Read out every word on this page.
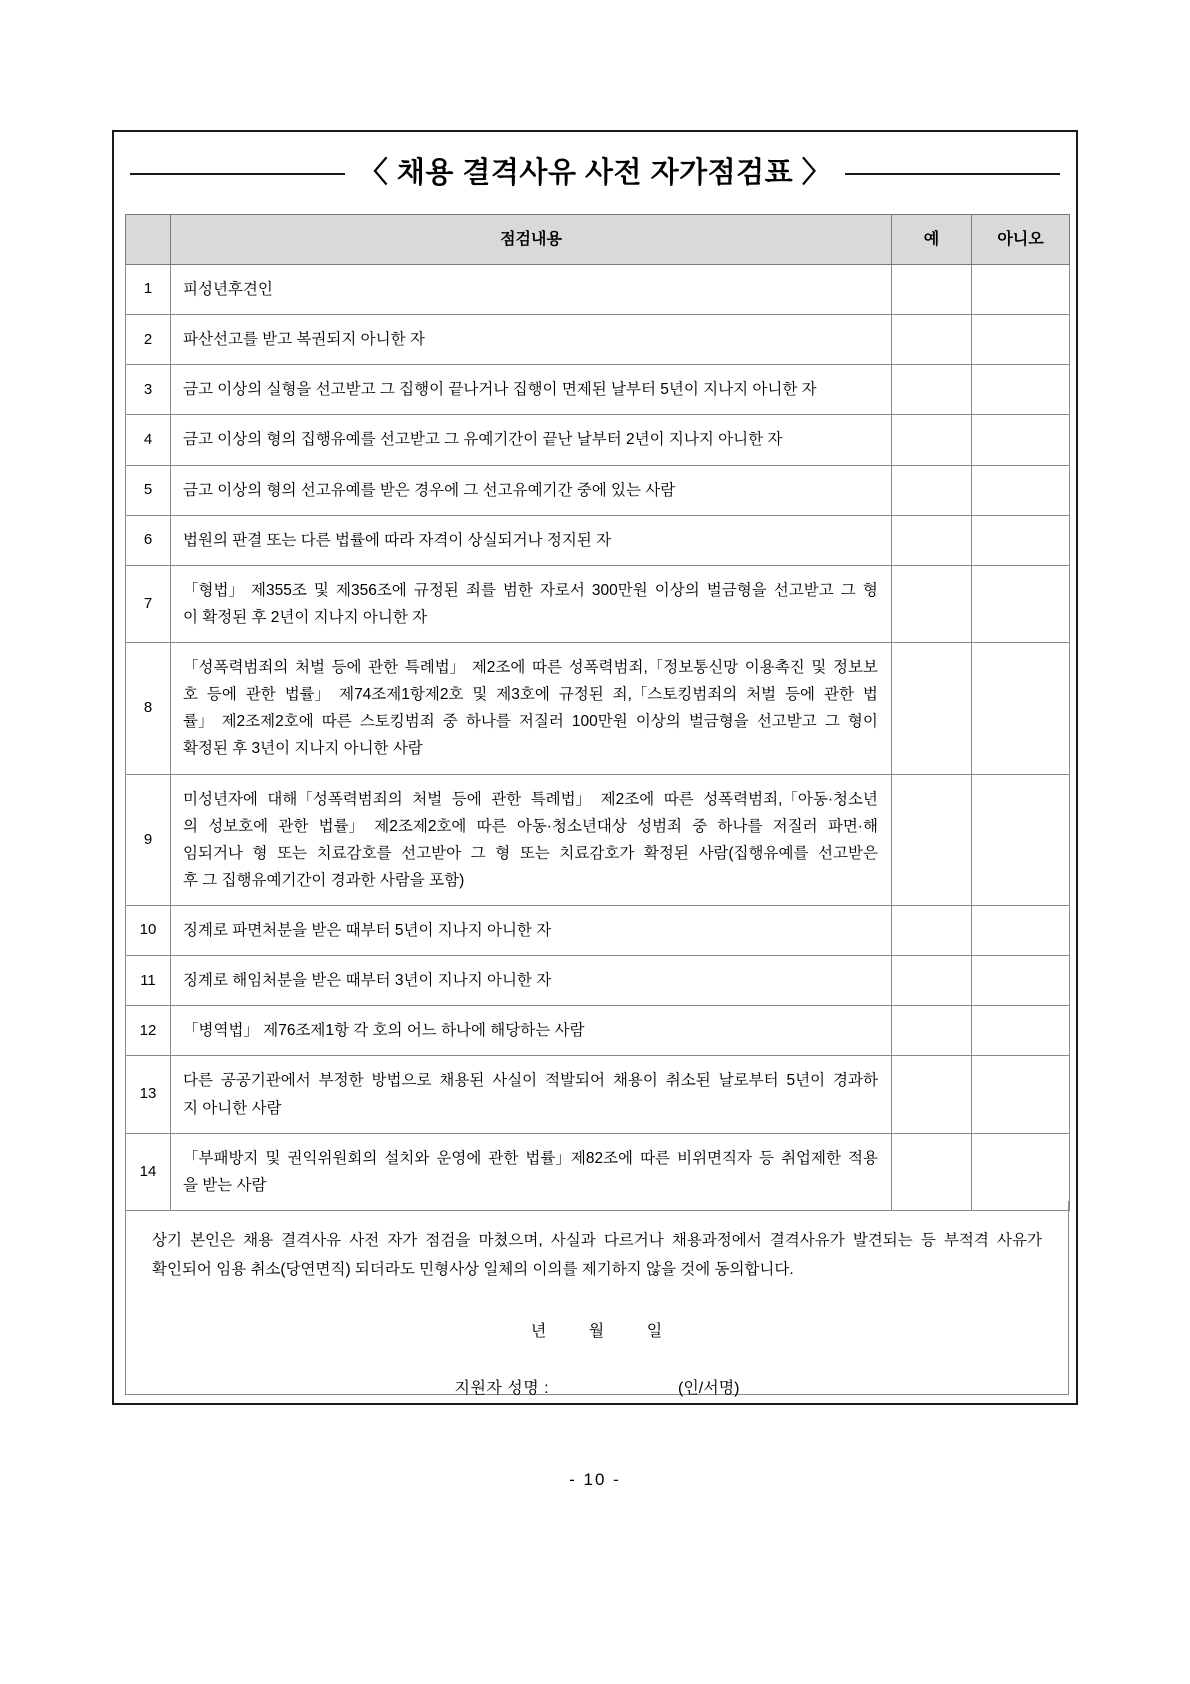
〈 채용 결격사유 사전 자가점검표 〉
	점검내용	예	아니오
1	피성년후견인		

2	파산선고를 받고 복권되지 아니한 자		

3	금고 이상의 실형을 선고받고 그 집행이 끝나거나 집행이 면제된 날부터 5년이 지나지 아니한 자		

4	금고 이상의 형의 집행유예를 선고받고 그 유예기간이 끝난 날부터 2년이 지나지 아니한 자		

5	금고 이상의 형의 선고유예를 받은 경우에 그 선고유예기간 중에 있는 사람		

6	법원의 판결 또는 다른 법률에 따라 자격이 상실되거나 정지된 자		

7	
「형법」 제355조 및 제356조에 규정된 죄를 범한 자로서 300만원 이상의 벌금형을 선고받고 그 형
이 확정된 후 2년이 지나지 아니한 자

8	
「성폭력범죄의 처벌 등에 관한 특례법」 제2조에 따른 성폭력범죄,「정보통신망 이용촉진 및 정보보
호 등에 관한 법률」 제74조제1항제2호 및 제3호에 규정된 죄,「스토킹범죄의 처벌 등에 관한 법
률」 제2조제2호에 따른 스토킹범죄 중 하나를 저질러 100만원 이상의 벌금형을 선고받고 그 형이
확정된 후 3년이 지나지 아니한 사람

9	
미성년자에 대해「성폭력범죄의 처벌 등에 관한 특례법」 제2조에 따른 성폭력범죄,「아동·청소년
의 성보호에 관한 법률」 제2조제2호에 따른 아동·청소년대상 성범죄 중 하나를 저질러 파면·해
임되거나 형 또는 치료감호를 선고받아 그 형 또는 치료감호가 확정된 사람(집행유예를 선고받은
후 그 집행유예기간이 경과한 사람을 포함)

10	징계로 파면처분을 받은 때부터 5년이 지나지 아니한 자		

11	징계로 해임처분을 받은 때부터 3년이 지나지 아니한 자		

12	「병역법」 제76조제1항 각 호의 어느 하나에 해당하는 사람		

13	
다른 공공기관에서 부정한 방법으로 채용된 사실이 적발되어 채용이 취소된 날로부터 5년이 경과하
지 아니한 사람

14	
「부패방지 및 권익위원회의 설치와 운영에 관한 법률」제82조에 따른 비위면직자 등 취업제한 적용
을 받는 사람

상기 본인은 채용 결격사유 사전 자가 점검을 마쳤으며, 사실과 다르거나 채용과정에서 결격사유가 발견되는 등 부적격 사유가
확인되어 임용 취소(당연면직) 되더라도 민형사상 일체의 이의를 제기하지 않을 것에 동의합니다.
년	월	일
지원자 성명 :	(인/서명)
- 10 -
